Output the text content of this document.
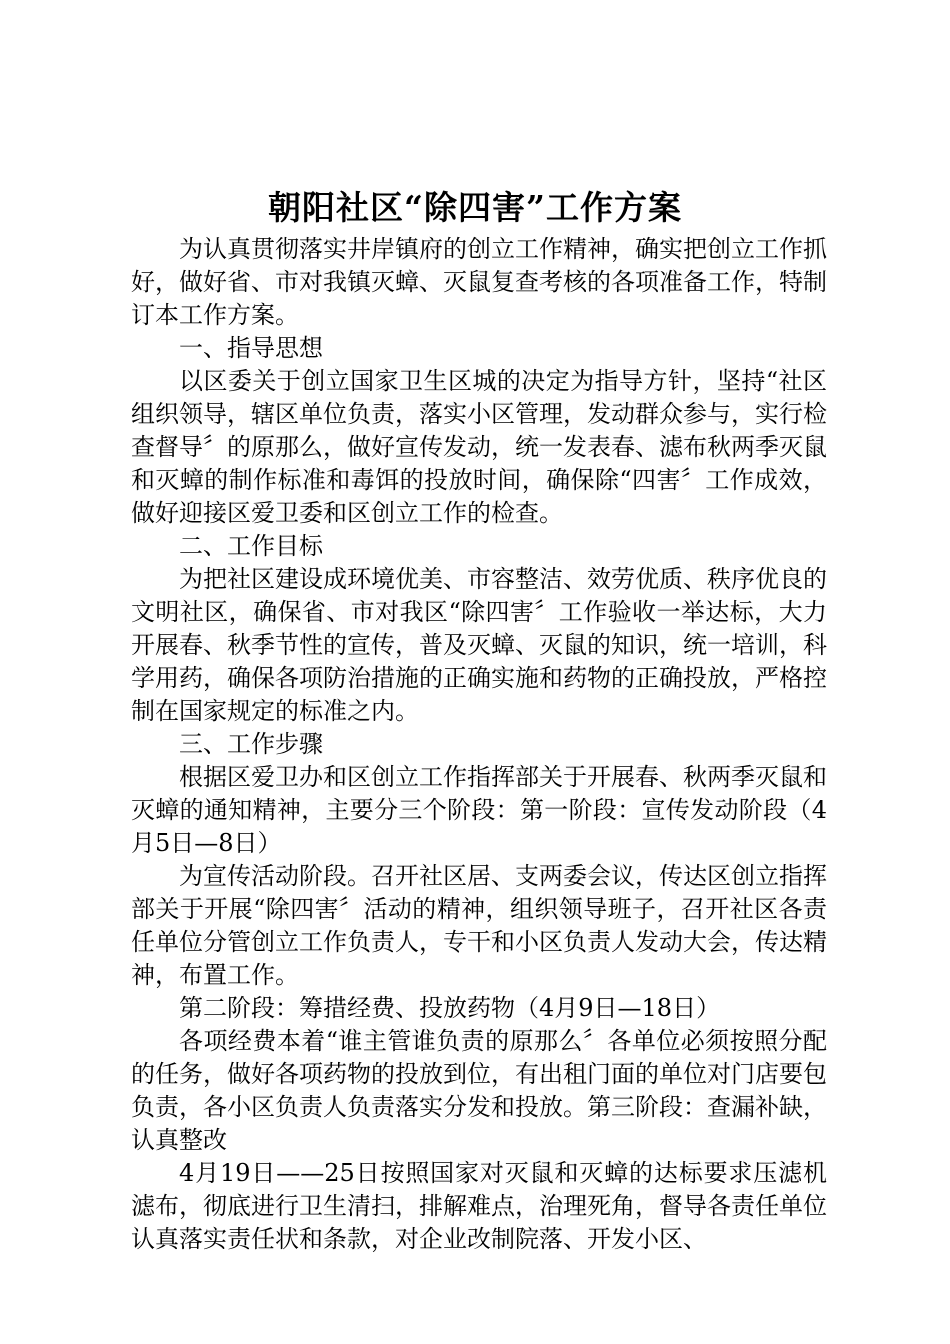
朝阳社区“除四害”工作方案

为认真贯彻落实井岸镇府的创立工作精神，确实把创立工作抓好，做好省、市对我镇灭蟑、灭鼠复查考核的各项准备工作，特制订本工作方案。

一、指导思想

以区委关于创立国家卫生区城的决定为指导方针，坚持“社区组织领导，辖区单位负责，落实小区管理，发动群众参与，实行检查督导〞的原那么，做好宣传发动，统一发表春、滤布秋两季灭鼠和灭蟑的制作标准和毒饵的投放时间，确保除“四害〞工作成效，做好迎接区爱卫委和区创立工作的检查。

二、工作目标

为把社区建设成环境优美、市容整洁、效劳优质、秩序优良的文明社区，确保省、市对我区“除四害〞工作验收一举达标，大力开展春、秋季节性的宣传，普及灭蟑、灭鼠的知识，统一培训，科学用药，确保各项防治措施的正确实施和药物的正确投放，严格控制在国家规定的标准之内。

三、工作步骤

根据区爱卫办和区创立工作指挥部关于开展春、秋两季灭鼠和灭蟑的通知精神，主要分三个阶段：第一阶段：宣传发动阶段（4月5日—8日）

为宣传活动阶段。召开社区居、支两委会议，传达区创立指挥部关于开展“除四害〞活动的精神，组织领导班子，召开社区各责任单位分管创立工作负责人，专干和小区负责人发动大会，传达精神，布置工作。

第二阶段：筹措经费、投放药物（4月9日—18日）

各项经费本着“谁主管谁负责的原那么〞各单位必须按照分配的任务，做好各项药物的投放到位，有出租门面的单位对门店要包负责，各小区负责人负责落实分发和投放。第三阶段：查漏补缺，认真整改

4月19日——25日按照国家对灭鼠和灭蟑的达标要求压滤机滤布，彻底进行卫生清扫，排解难点，治理死角，督导各责任单位认真落实责任状和条款，对企业改制院落、开发小区、
